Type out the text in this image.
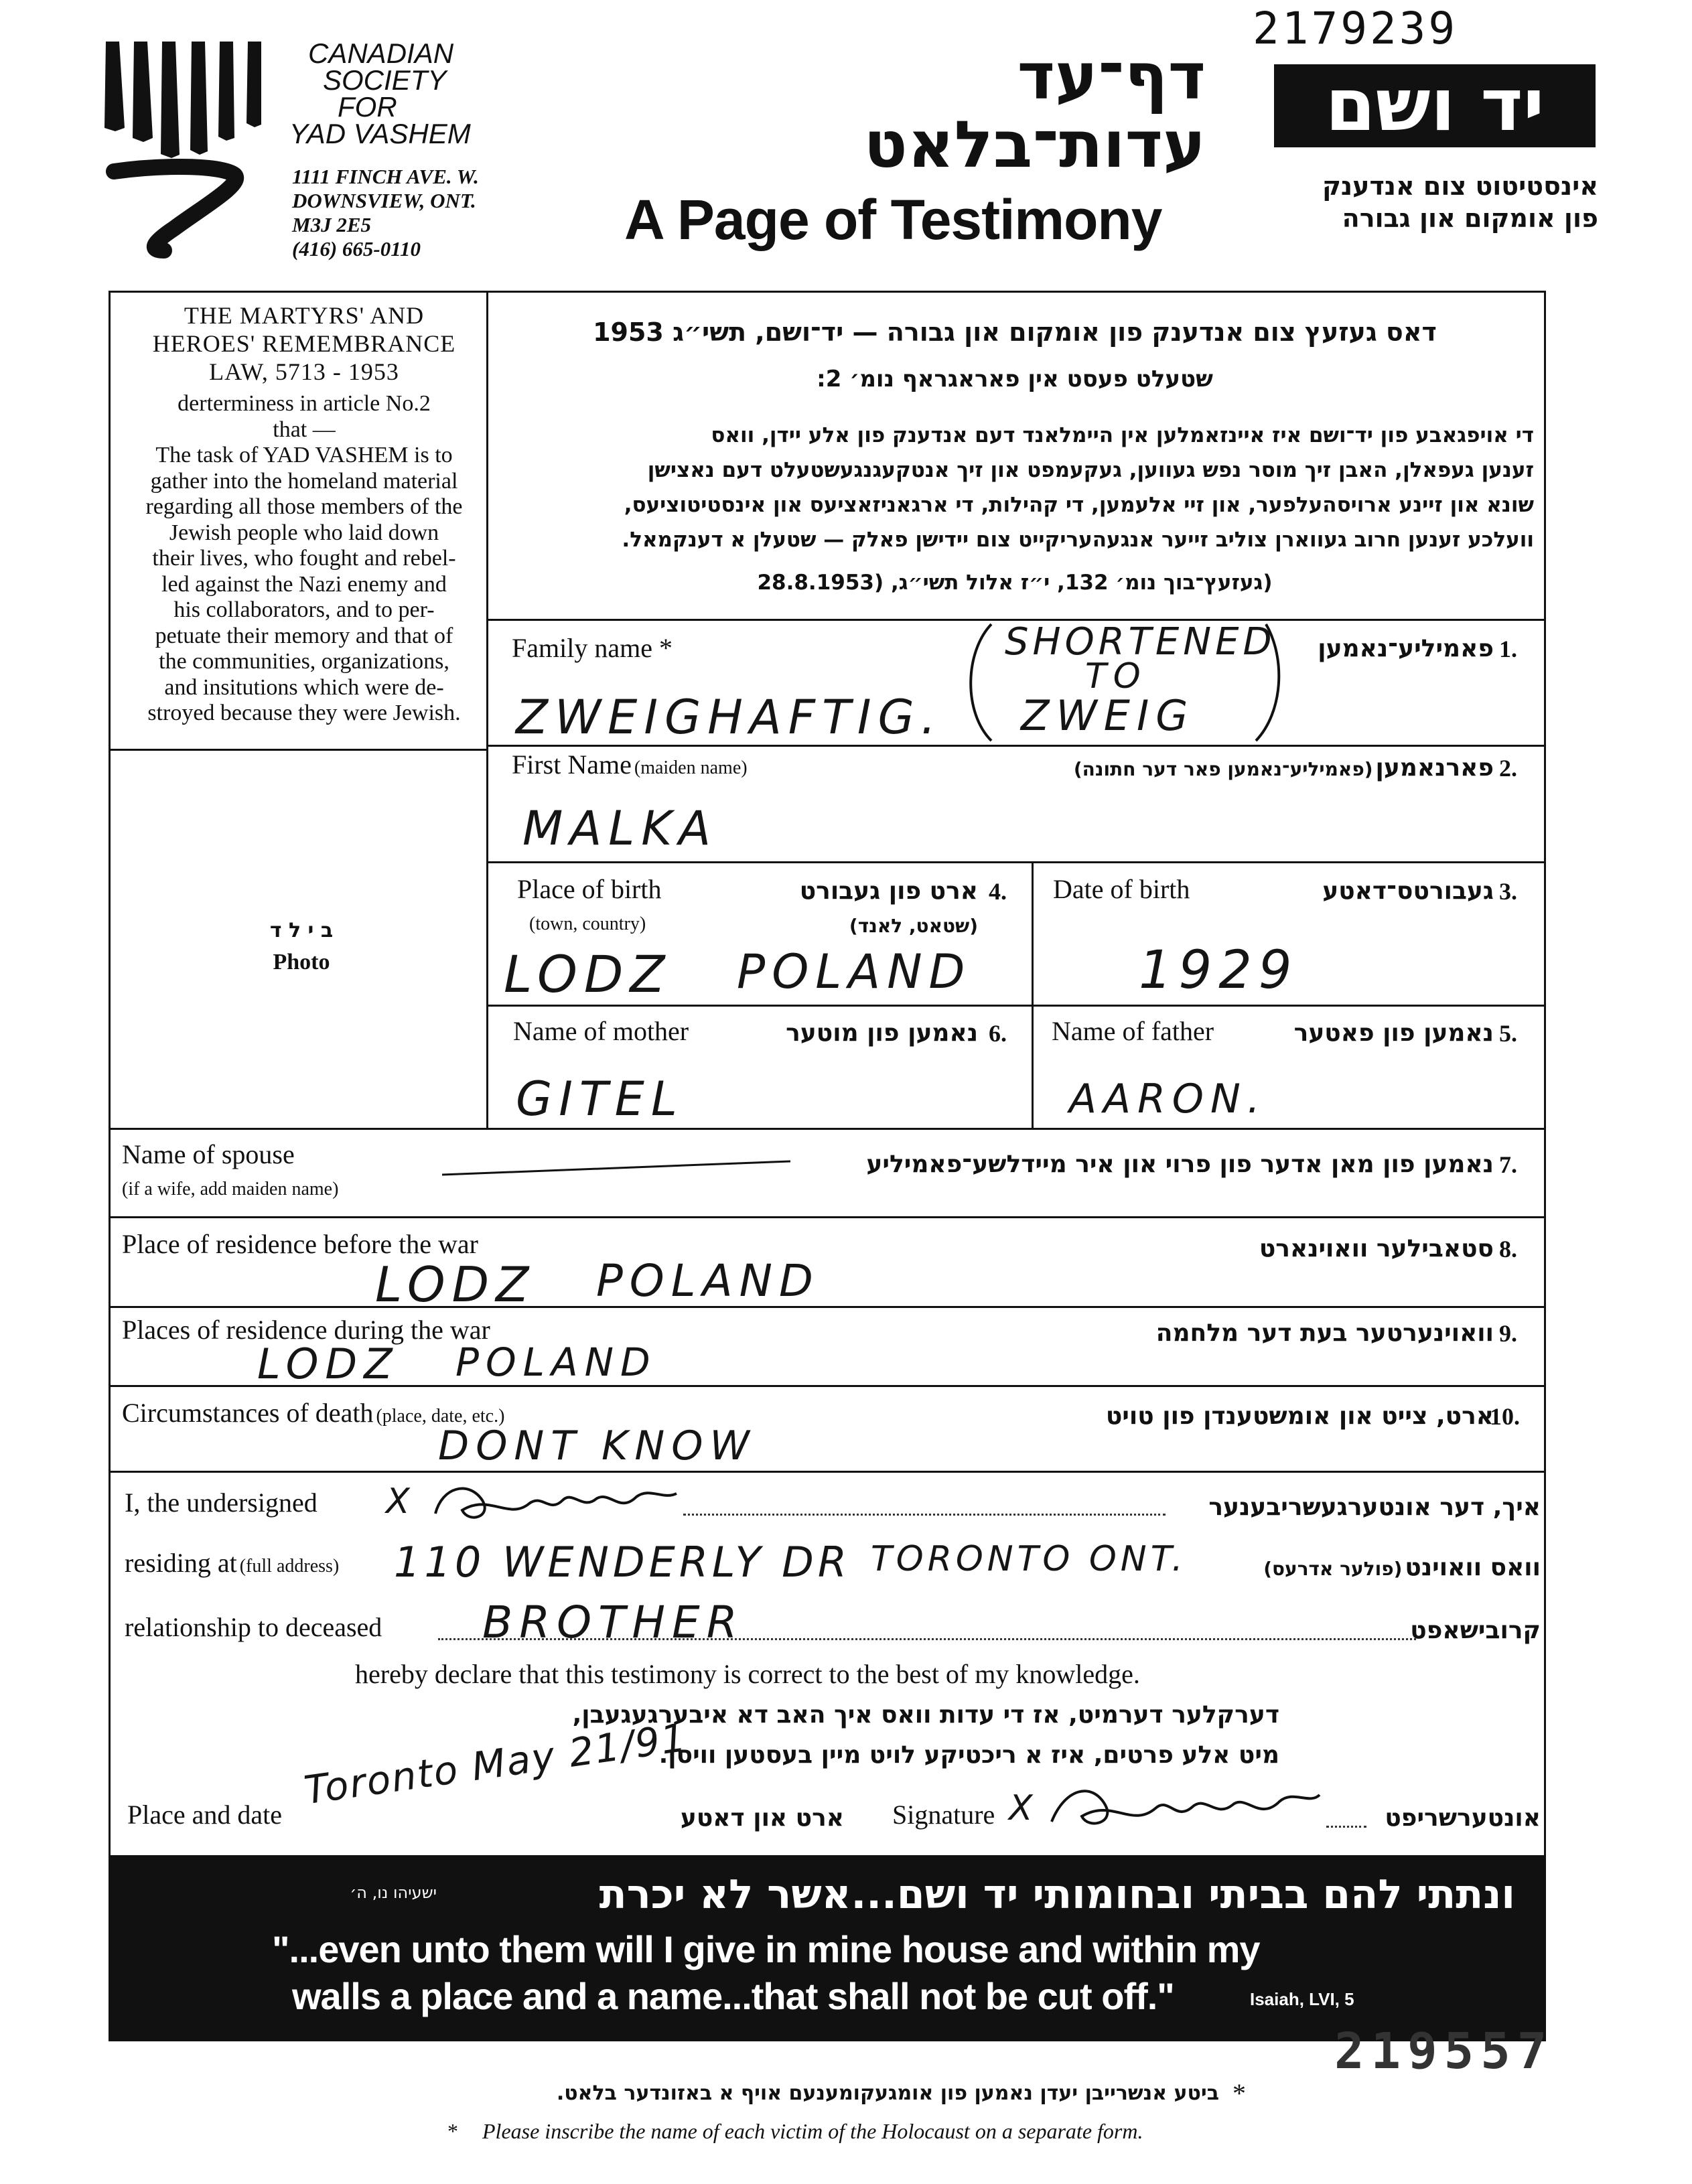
2179239
CANADIAN
SOCIETY
FOR
YAD VASHEM
1111 FINCH AVE. W.
DOWNSVIEW, ONT.
M3J 2E5
(416) 665-0110
דף־עד
עדות־בלאט
A Page of Testimony
יד ושם
אינסטיטוט צום אנדענק
פון אומקום און גבורה
THE MARTYRS' AND HEROES' REMEMBRANCE LAW, 5713 - 1953
derterminess in article No.2
that —
The task of YAD VASHEM is to
gather into the homeland material
regarding all those members of the
Jewish people who laid down
their lives, who fought and rebel-
led against the Nazi enemy and
his collaborators, and to per-
petuate their memory and that of
the communities, organizations,
and insitutions which were de-
stroyed because they were Jewish.
ב י ל ד
Photo
דאס געזעץ צום אנדענק פון אומקום און גבורה — יד־ושם, תשי״ג 1953
שטעלט פעסט אין פאראגראף נומ׳ 2:
די אויפגאבע פון יד־ושם איז איינזאמלען אין היימלאנד דעם אנדענק פון אלע יידן, וואס
זענען געפאלן, האבן זיך מוסר נפש געווען, געקעמפט און זיך אנטקעגנגעשטעלט דעם נאצישן
שונא און זיינע ארויסהעלפער, און זיי אלעמען, די קהילות, די ארגאניזאציעס און אינסטיטוציעס,
וועלכע זענען חרוב געווארן צוליב זייער אנגעהעריקייט צום יידישן פאלק — שטעלן א דענקמאל.
(געזעץ־בוך נומ׳ 132, י״ז אלול תשי״ג, (28.8.1953
Family name *	פאמיליע־נאמען 1.
ZWEIGHAFTIG.
SHORTENED
TO
ZWEIG
First Name (maiden name)	פארנאמען (פאמיליע־נאמען פאר דער חתונה)	2.
MALKA
Place of birth
(town, country)
ארט פון געבורט
(שטאט, לאנד)
4.
LODZ POLAND
Date of birth	געבורטס־דאטע 3.
1929
Name of mother	נאמען פון מוטער 6.
GITEL
Name of father	נאמען פון פאטער 5.
AARON.
Name of spouse
(if a wife, add maiden name)
נאמען פון מאן אדער פון פרוי און איר מיידלשע־פאמיליע 7.
Place of residence before the war	סטאבילער וואוינארט 8.
LODZ POLAND
Places of residence during the war	וואוינערטער בעת דער מלחמה 9.
LODZ POLAND
Circumstances of death (place, date, etc.)	ארט, צייט און אומשטענדן פון טויט
10.
DONT KNOW
I, the undersigned X	איך, דער אונטערגעשריבענער
residing at (full address) 110 WENDERLY DR TORONTO ONT.	וואס וואוינט (פולער אדרעס)
relationship to deceased BROTHER	קרובישאפט
hereby declare that this testimony is correct to the best of my knowledge.
דערקלער דערמיט, אז די עדות וואס איך האב דא איבערגעגעבן,
מיט אלע פרטים, איז א ריכטיקע לויט מיין בעסטען וויסן.
Place and date
Toronto May 21/91
ארט און דאטע Signature X	אונטערשריפט
ונתתי להם בביתי ובחומותי יד ושם...אשר לא יכרת
ישעיהו נו, ה׳
"...even unto them will I give in mine house and within my
walls a place and a name...that shall not be cut off."	Isaiah, LVI, 5
219557
ביטע אנשרייבן יעדן נאמען פון אומגעקומענעם אויף א באזונדער בלאט. *
* Please inscribe the name of each victim of the Holocaust on a separate form.
